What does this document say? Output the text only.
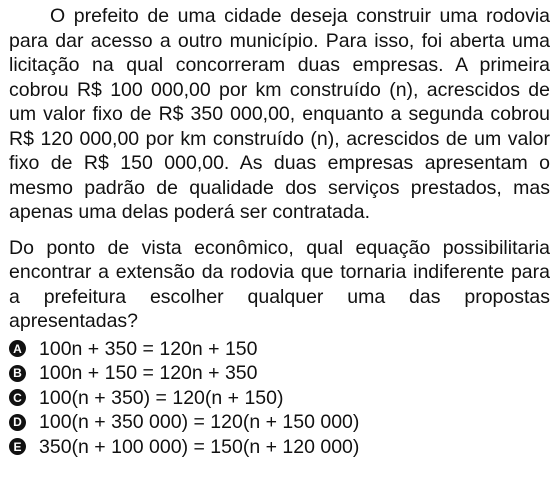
O prefeito de uma cidade deseja construir uma rodovia para dar acesso a outro município. Para isso, foi aberta uma licitação na qual concorreram duas empresas. A primeira cobrou R$ 100 000,00 por km construído (n), acrescidos de um valor fixo de R$ 350 000,00, enquanto a segunda cobrou R$ 120 000,00 por km construído (n), acrescidos de um valor fixo de R$ 150 000,00. As duas empresas apresentam o mesmo padrão de qualidade dos serviços prestados, mas apenas uma delas poderá ser contratada.

Do ponto de vista econômico, qual equação possibilitaria encontrar a extensão da rodovia que tornaria indiferente para a prefeitura escolher qualquer uma das propostas apresentadas?

A 100n + 350 = 120n + 150
B 100n + 150 = 120n + 350
C 100(n + 350) = 120(n + 150)
D 100(n + 350 000) = 120(n + 150 000)
E 350(n + 100 000) = 150(n + 120 000)
